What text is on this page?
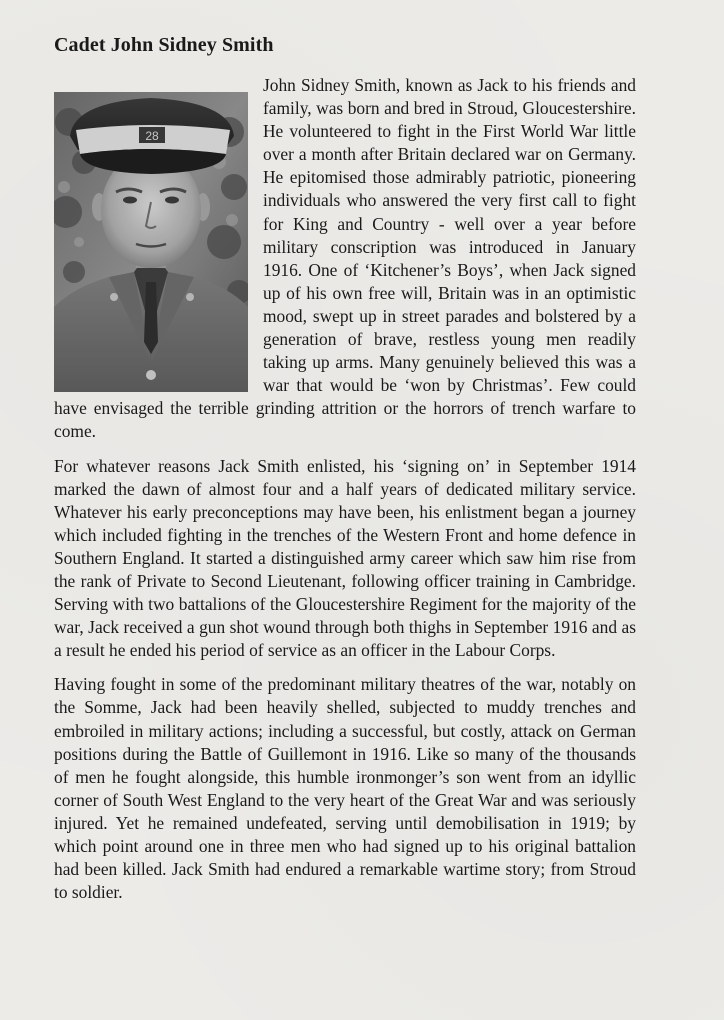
Cadet John Sidney Smith
28

John Sidney Smith, known as Jack to his friends and family, was born and bred in Stroud, Gloucestershire. He volunteered to fight in the First World War little over a month after Britain declared war on Germany. He epitomised those admirably patriotic, pioneering individuals who answered the very first call to fight for King and Country - well over a year before military conscription was introduced in January 1916. One of ‘Kitchener’s Boys’, when Jack signed up of his own free will, Britain was in an optimistic mood, swept up in street parades and bolstered by a generation of brave, restless young men readily taking up arms. Many genuinely believed this was a war that would be ‘won by Christmas’. Few could have envisaged the terrible grinding attrition or the horrors of trench warfare to come.

For whatever reasons Jack Smith enlisted, his ‘signing on’ in September 1914 marked the dawn of almost four and a half years of dedicated military service. Whatever his early preconceptions may have been, his enlistment began a journey which included fighting in the trenches of the Western Front and home defence in Southern England. It started a distinguished army career which saw him rise from the rank of Private to Second Lieutenant, following officer training in Cambridge. Serving with two battalions of the Gloucestershire Regiment for the majority of the war, Jack received a gun shot wound through both thighs in September 1916 and as a result he ended his period of service as an officer in the Labour Corps.

Having fought in some of the predominant military theatres of the war, notably on the Somme, Jack had been heavily shelled, subjected to muddy trenches and embroiled in military actions; including a successful, but costly, attack on German positions during the Battle of Guillemont in 1916. Like so many of the thousands of men he fought alongside, this humble ironmonger’s son went from an idyllic corner of South West England to the very heart of the Great War and was seriously injured. Yet he remained undefeated, serving until demobilisation in 1919; by which point around one in three men who had signed up to his original battalion had been killed. Jack Smith had endured a remarkable wartime story; from Stroud to soldier.
